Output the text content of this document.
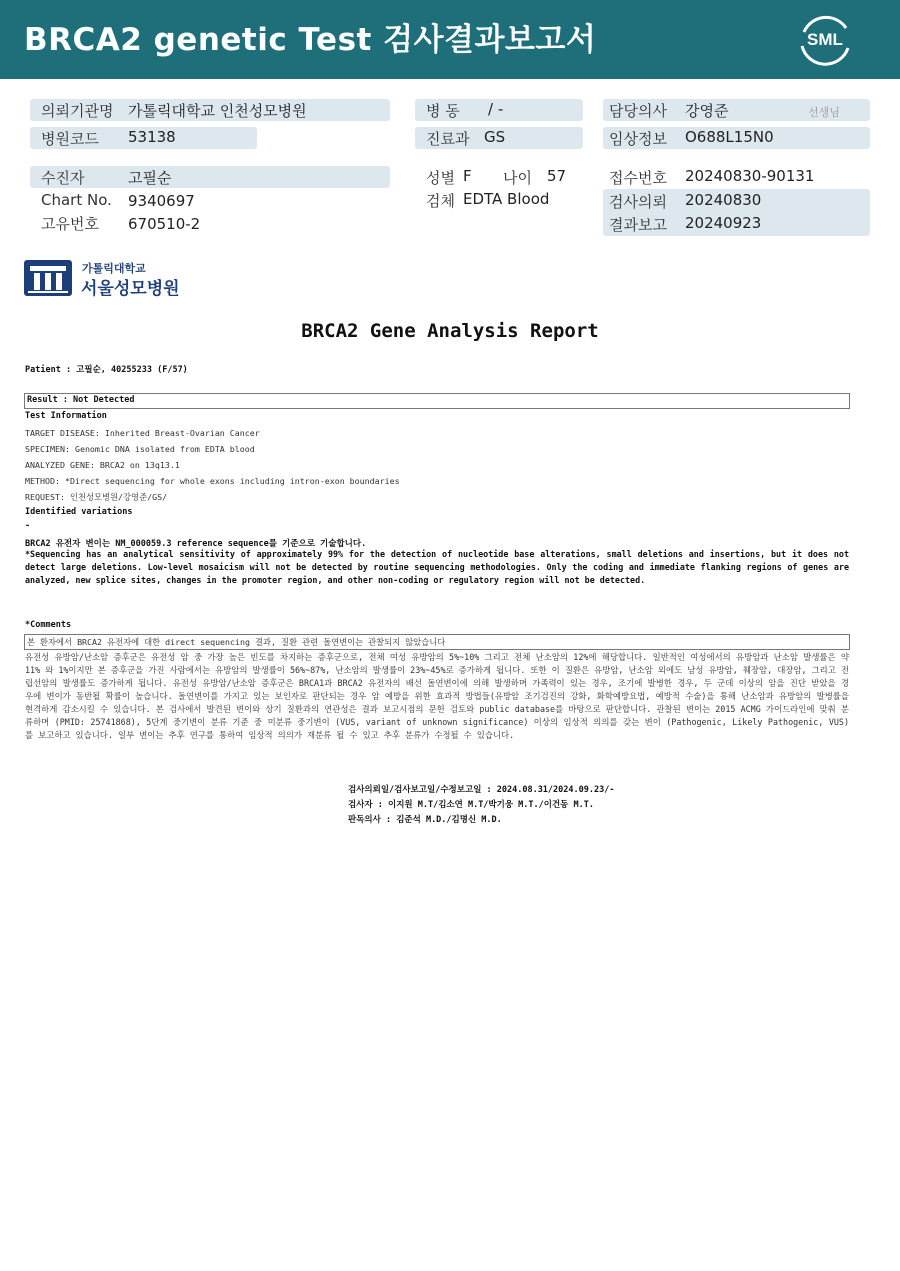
BRCA2 genetic Test 검사결과보고서	SML
의뢰기관명 가톨릭대학교 인천성모병원
병원코드 53138
병 동 / -
진료과 GS
담당의사 강영준	선생님
임상정보 O688L15N0
수진자	고필순
Chart No. 9340697
고유번호 670510-2
성별 F 나이 57
검체 EDTA Blood
접수번호 20240830-90131
검사의뢰 20240830
결과보고 20240923
가톨릭대학교
서울성모병원
BRCA2 Gene Analysis Report
Patient : 고필순, 40255233 (F/57)
Result : Not Detected
Test Information
TARGET DISEASE: Inherited Breast-Ovarian Cancer
SPECIMEN: Genomic DNA isolated from EDTA blood
ANALYZED GENE: BRCA2 on 13q13.1
METHOD: *Direct sequencing for whole exons including intron-exon boundaries
REQUEST: 인천성모병원/강영준/GS/
Identified variations
-
BRCA2 유전자 변이는 NM_000059.3 reference sequence를 기준으로 기술합니다.
*Sequencing has an analytical sensitivity of approximately 99% for the detection of nucleotide base alterations, small deletions and insertions, but it does not detect large deletions. Low-level mosaicism will not be detected by routine sequencing methodologies. Only the coding and immediate flanking regions of genes are analyzed, new splice sites, changes in the promoter region, and other non-coding or regulatory region will not be detected.
*Comments
본 환자에서 BRCA2 유전자에 대한 direct sequencing 결과, 질환 관련 돌연변이는 관찰되지 않았습니다
유전성 유방암/난소암 증후군은 유전성 암 중 가장 높은 빈도를 차지하는 증후군으로, 전체 여성 유방암의 5%~10% 그리고 전체 난소암의 12%에 해당합니다. 일반적인 여성에서의 유방암과 난소암 발생률은 약 11% 와 1%이지만 본 증후군을 가진 사람에서는 유방암의 발생률이 56%~87%, 난소암의 발생률이 23%~45%로 증가하게 됩니다. 또한 이 질환은 유방암, 난소암 외에도 남성 유방암, 췌장암, 대장암, 그리고 전립선암의 발생률도 증가하게 됩니다. 유전성 유방암/난소암 증후군은 BRCA1과 BRCA2 유전자의 배선 돌연변이에 의해 발생하며 가족력이 있는 경우, 조기에 발병한 경우, 두 군데 이상의 암을 진단 받았을 경우에 변이가 동반될 확률이 높습니다. 돌연변이를 가지고 있는 보인자로 판단되는 경우 암 예방을 위한 효과적 방법들(유방암 조기검진의 강화, 화학예방요법, 예방적 수술)을 통해 난소암과 유방암의 발병률을 현격하게 감소시킬 수 있습니다. 본 검사에서 발견된 변이와 상기 질환과의 연관성은 결과 보고시점의 문헌 검토와 public database를 바탕으로 판단합니다. 관찰된 변이는 2015 ACMG 가이드라인에 맞춰 분류하며 (PMID: 25741868), 5단계 중기변이 분류 기준 중 미분류 중기변이 (VUS, variant of unknown significance) 이상의 임상적 의의를 갖는 변이 (Pathogenic, Likely Pathogenic, VUS) 를 보고하고 있습니다. 일부 변이는 추후 연구를 통하여 임상적 의의가 재분류 될 수 있고 추후 분류가 수정될 수 있습니다.
검사의뢰일/검사보고일/수정보고일 : 2024.08.31/2024.09.23/-
검사자 : 이지원 M.T/김소연 M.T/박기웅 M.T./이건동 M.T.
판독의사 : 김준석 M.D./김명신 M.D.
